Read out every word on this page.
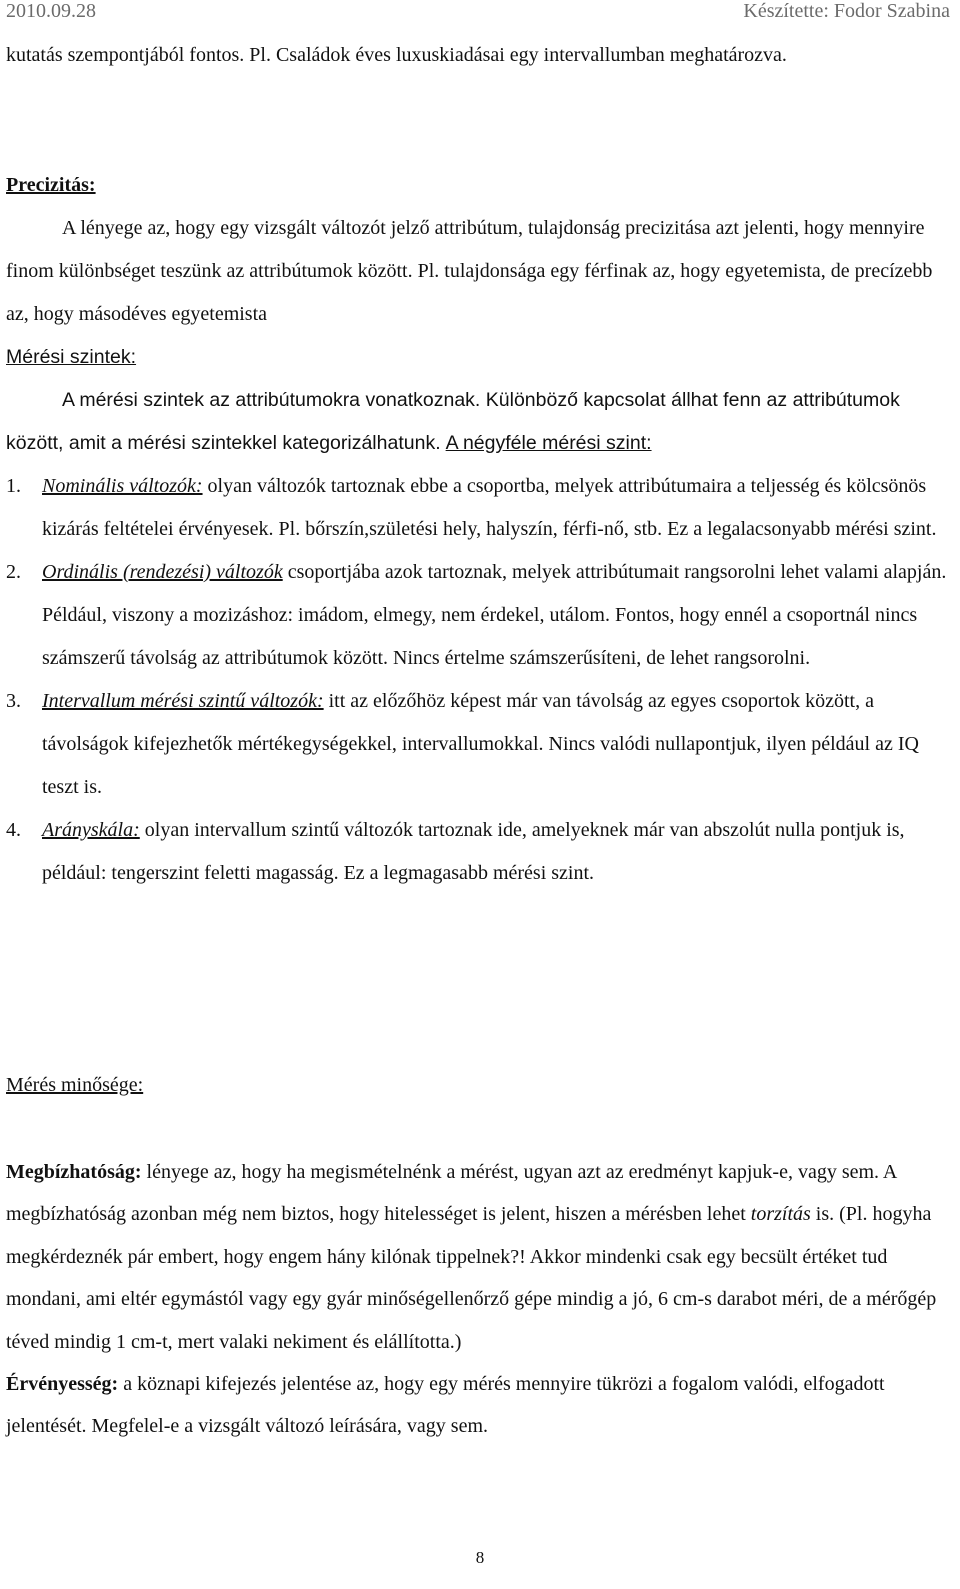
2010.09.28	Készítette: Fodor Szabina

kutatás szempontjából fontos. Pl. Családok éves luxuskiadásai egy intervallumban meghatározva.

Precizitás:

A lényege az, hogy egy vizsgált változót jelző attribútum, tulajdonság precizitása azt jelenti, hogy mennyire finom különbséget teszünk az attribútumok között. Pl. tulajdonsága egy férfinak az, hogy egyetemista, de precízebb az, hogy másodéves egyetemista

Mérési szintek:

A mérési szintek az attribútumokra vonatkoznak. Különböző kapcsolat állhat fenn az attribútumok között, amit a mérési szintekkel kategorizálhatunk. A négyféle mérési szint:

1. Nominális változók: olyan változók tartoznak ebbe a csoportba, melyek attribútumaira a teljesség és kölcsönös kizárás feltételei érvényesek. Pl. bőrszín,születési hely, halyszín, férfi-nő, stb. Ez a legalacsonyabb mérési szint.

2. Ordinális (rendezési) változók csoportjába azok tartoznak, melyek attribútumait rangsorolni lehet valami alapján. Például, viszony a mozizáshoz: imádom, elmegy, nem érdekel, utálom. Fontos, hogy ennél a csoportnál nincs számszerű távolság az attribútumok között. Nincs értelme számszerűsíteni, de lehet rangsorolni.

3. Intervallum mérési szintű változók: itt az előzőhöz képest már van távolság az egyes csoportok között, a távolságok kifejezhetők mértékegységekkel, intervallumokkal. Nincs valódi nullapontjuk, ilyen például az IQ teszt is.

4. Arányskála: olyan intervallum szintű változók tartoznak ide, amelyeknek már van abszolút nulla pontjuk is, például: tengerszint feletti magasság. Ez a legmagasabb mérési szint.

Mérés minősége:

Megbízhatóság: lényege az, hogy ha megismételnénk a mérést, ugyan azt az eredményt kapjuk-e, vagy sem. A megbízhatóság azonban még nem biztos, hogy hitelességet is jelent, hiszen a mérésben lehet torzítás is. (Pl. hogyha megkérdeznék pár embert, hogy engem hány kilónak tippelnek?! Akkor mindenki csak egy becsült értéket tud mondani, ami eltér egymástól vagy egy gyár minőségellenőrző gépe mindig a jó, 6 cm-s darabot méri, de a mérőgép téved mindig 1 cm-t, mert valaki nekiment és elállította.)

Érvényesség: a köznapi kifejezés jelentése az, hogy egy mérés mennyire tükrözi a fogalom valódi, elfogadott jelentését. Megfelel-e a vizsgált változó leírására, vagy sem.

8
